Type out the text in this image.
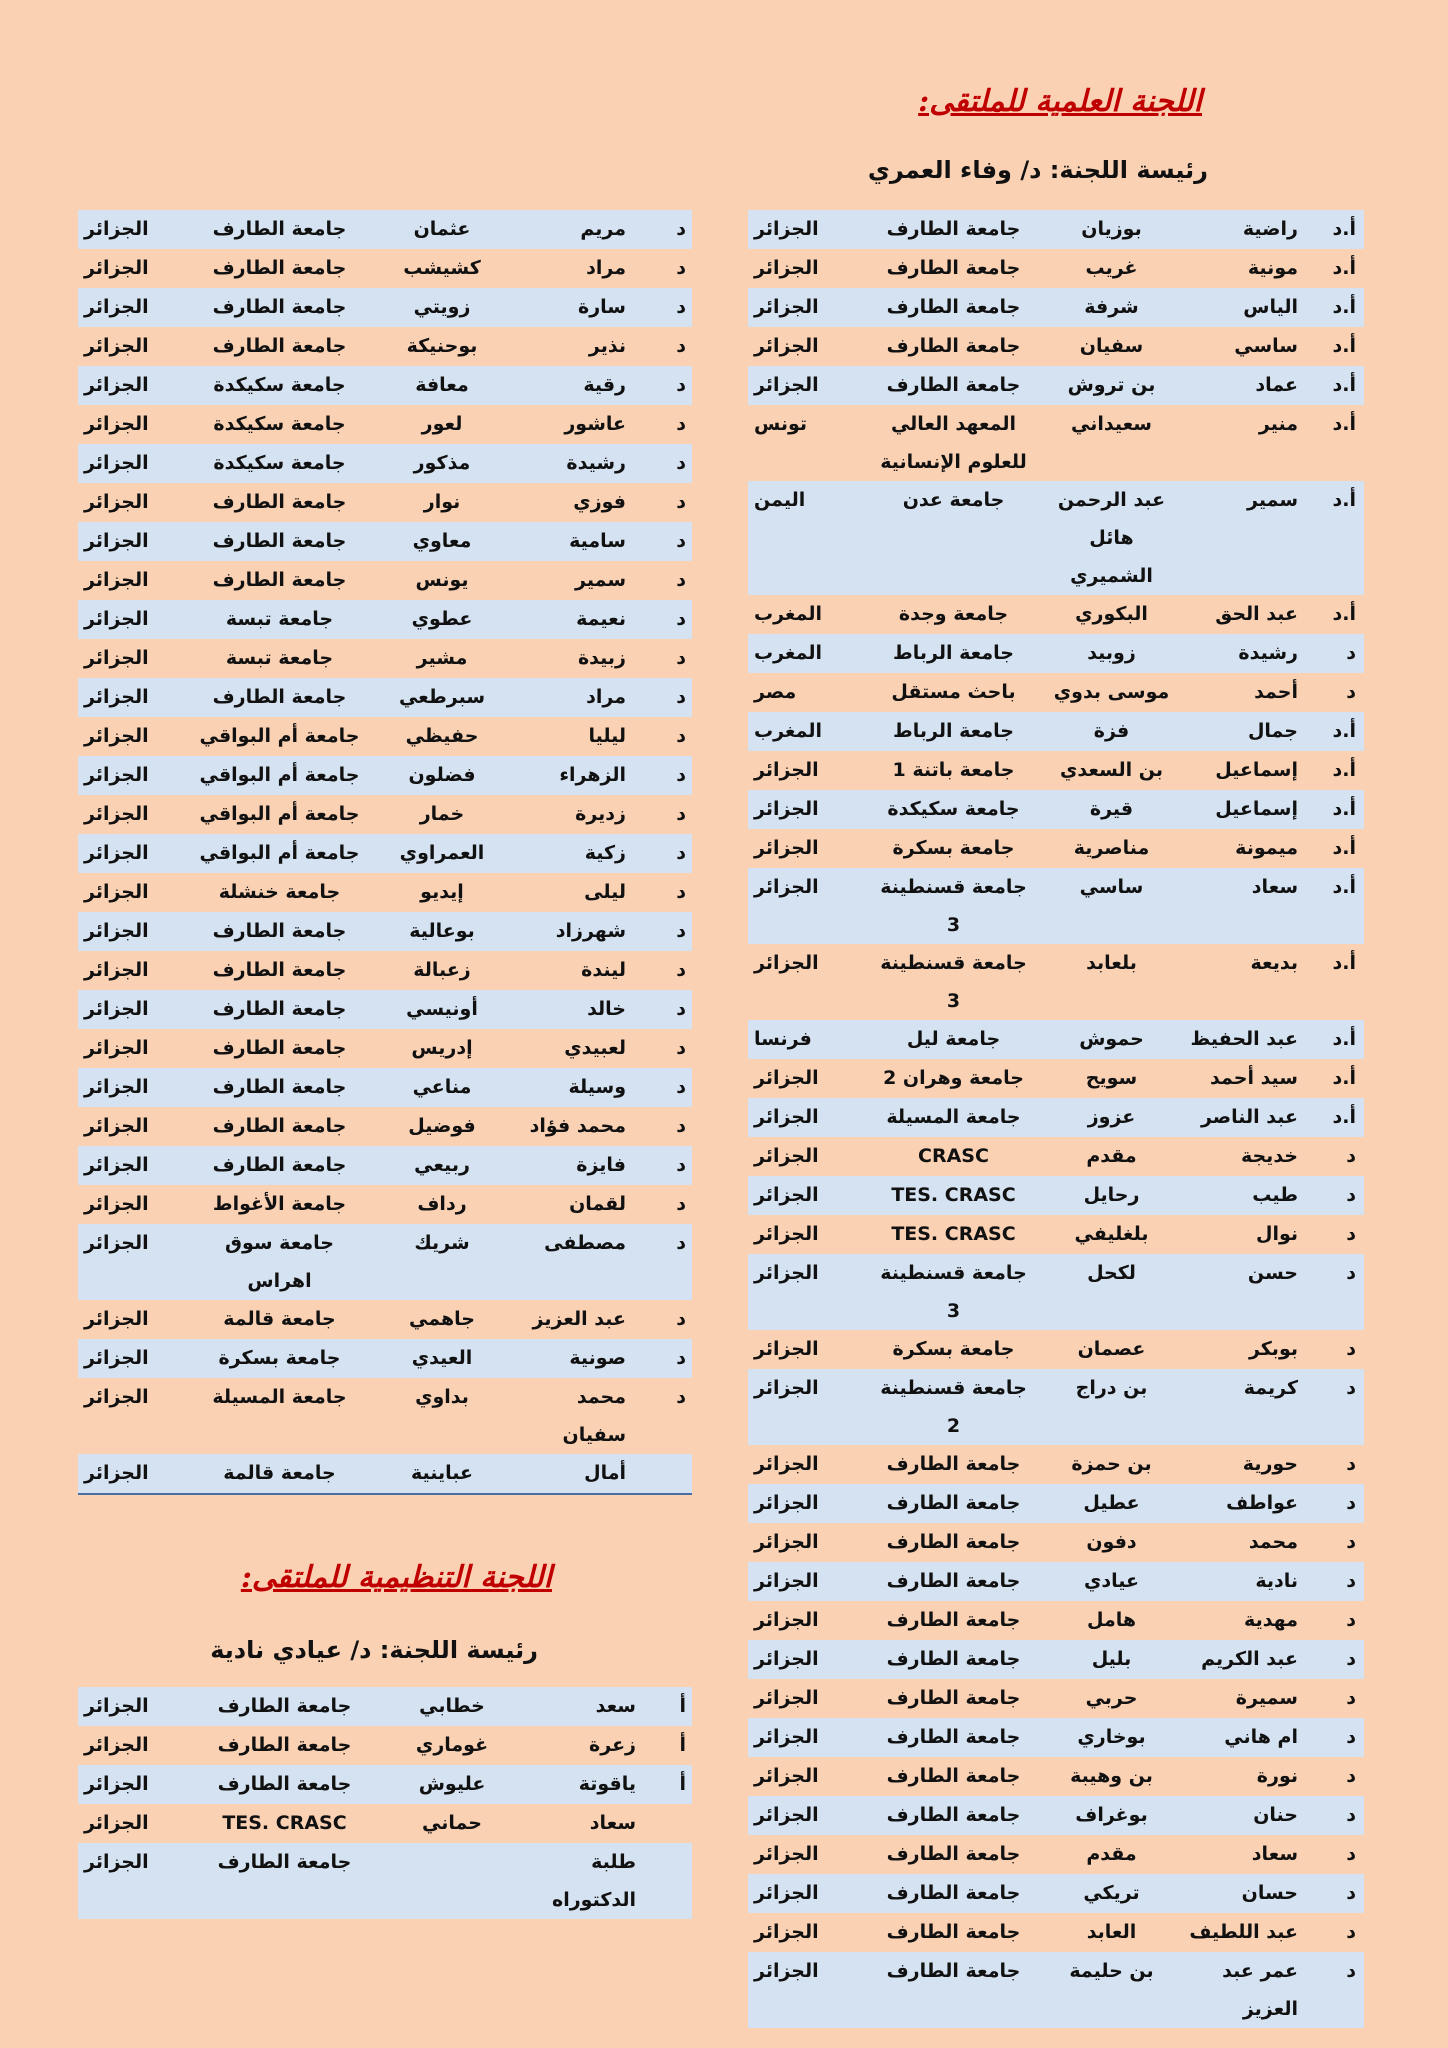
اللجنة العلمية للملتقى:
رئيسة اللجنة: د/ وفاء العمري
أ.د	راضية	بوزيان	جامعة الطارف	الجزائر
أ.د	مونية	غريب	جامعة الطارف	الجزائر
أ.د	الياس	شرفة	جامعة الطارف	الجزائر
أ.د	ساسي	سفيان	جامعة الطارف	الجزائر
أ.د	عماد	بن تروش	جامعة الطارف	الجزائر
أ.د	منير	سعيداني	المعهد العالي للعلوم الإنسانية	تونس
أ.د	سمير	عبد الرحمن هائل الشميري	جامعة عدن	اليمن
أ.د	عبد الحق	البكوري	جامعة وجدة	المغرب
د	رشيدة	زوبيد	جامعة الرباط	المغرب
د	أحمد	موسى بدوي	باحث مستقل	مصر
أ.د	جمال	فزة	جامعة الرباط	المغرب
أ.د	إسماعيل	بن السعدي	جامعة باتنة 1	الجزائر
أ.د	إسماعيل	قيرة	جامعة سكيكدة	الجزائر
أ.د	ميمونة	مناصرية	جامعة بسكرة	الجزائر
أ.د	سعاد	ساسي	جامعة قسنطينة 3	الجزائر
أ.د	بديعة	بلعابد	جامعة قسنطينة 3	الجزائر
أ.د	عبد الحفيظ	حموش	جامعة ليل	فرنسا
أ.د	سيد أحمد	سويح	جامعة وهران 2	الجزائر
أ.د	عبد الناصر	عزوز	جامعة المسيلة	الجزائر
د	خديجة	مقدم	CRASC	الجزائر
د	طيب	رحايل	TES. CRASC	الجزائر
د	نوال	بلغليفي	TES. CRASC	الجزائر
د	حسن	لكحل	جامعة قسنطينة 3	الجزائر
د	بوبكر	عصمان	جامعة بسكرة	الجزائر
د	كريمة	بن دراج	جامعة قسنطينة 2	الجزائر
د	حورية	بن حمزة	جامعة الطارف	الجزائر
د	عواطف	عطيل	جامعة الطارف	الجزائر
د	محمد	دفون	جامعة الطارف	الجزائر
د	نادية	عيادي	جامعة الطارف	الجزائر
د	مهدية	هامل	جامعة الطارف	الجزائر
د	عبد الكريم	بليل	جامعة الطارف	الجزائر
د	سميرة	حربي	جامعة الطارف	الجزائر
د	ام هاني	بوخاري	جامعة الطارف	الجزائر
د	نورة	بن وهيبة	جامعة الطارف	الجزائر
د	حنان	بوغراف	جامعة الطارف	الجزائر
د	سعاد	مقدم	جامعة الطارف	الجزائر
د	حسان	تريكي	جامعة الطارف	الجزائر
د	عبد اللطيف	العابد	جامعة الطارف	الجزائر
د	عمر عبد العزيز	بن حليمة	جامعة الطارف	الجزائر
د	مريم	عثمان	جامعة الطارف	الجزائر
د	مراد	كشيشب	جامعة الطارف	الجزائر
د	سارة	زويتي	جامعة الطارف	الجزائر
د	نذير	بوحنيكة	جامعة الطارف	الجزائر
د	رقية	معافة	جامعة سكيكدة	الجزائر
د	عاشور	لعور	جامعة سكيكدة	الجزائر
د	رشيدة	مذكور	جامعة سكيكدة	الجزائر
د	فوزي	نوار	جامعة الطارف	الجزائر
د	سامية	معاوي	جامعة الطارف	الجزائر
د	سمير	يونس	جامعة الطارف	الجزائر
د	نعيمة	عطوي	جامعة تبسة	الجزائر
د	زبيدة	مشير	جامعة تبسة	الجزائر
د	مراد	سبرطعي	جامعة الطارف	الجزائر
د	ليليا	حفيظي	جامعة أم البواقي	الجزائر
د	الزهراء	فضلون	جامعة أم البواقي	الجزائر
د	زديرة	خمار	جامعة أم البواقي	الجزائر
د	زكية	العمراوي	جامعة أم البواقي	الجزائر
د	ليلى	إيديو	جامعة خنشلة	الجزائر
د	شهرزاد	بوعالية	جامعة الطارف	الجزائر
د	ليندة	زعبالة	جامعة الطارف	الجزائر
د	خالد	أونيسي	جامعة الطارف	الجزائر
د	لعبيدي	إدريس	جامعة الطارف	الجزائر
د	وسيلة	مناعي	جامعة الطارف	الجزائر
د	محمد فؤاد	فوضيل	جامعة الطارف	الجزائر
د	فايزة	ربيعي	جامعة الطارف	الجزائر
د	لقمان	رداف	جامعة الأغواط	الجزائر
د	مصطفى	شريك	جامعة سوق اهراس	الجزائر
د	عبد العزيز	جاهمي	جامعة قالمة	الجزائر
د	صونية	العيدي	جامعة بسكرة	الجزائر
د	محمد سفيان	بداوي	جامعة المسيلة	الجزائر
	أمال	عباينية	جامعة قالمة	الجزائر
اللجنة التنظيمية للملتقى:
رئيسة اللجنة: د/ عيادي نادية
أ	سعد	خطابي	جامعة الطارف	الجزائر
أ	زعرة	غوماري	جامعة الطارف	الجزائر
أ	ياقوتة	عليوش	جامعة الطارف	الجزائر
	سعاد	حماني	TES. CRASC	الجزائر

	طلبة الدكتوراه		جامعة الطارف	الجزائر
